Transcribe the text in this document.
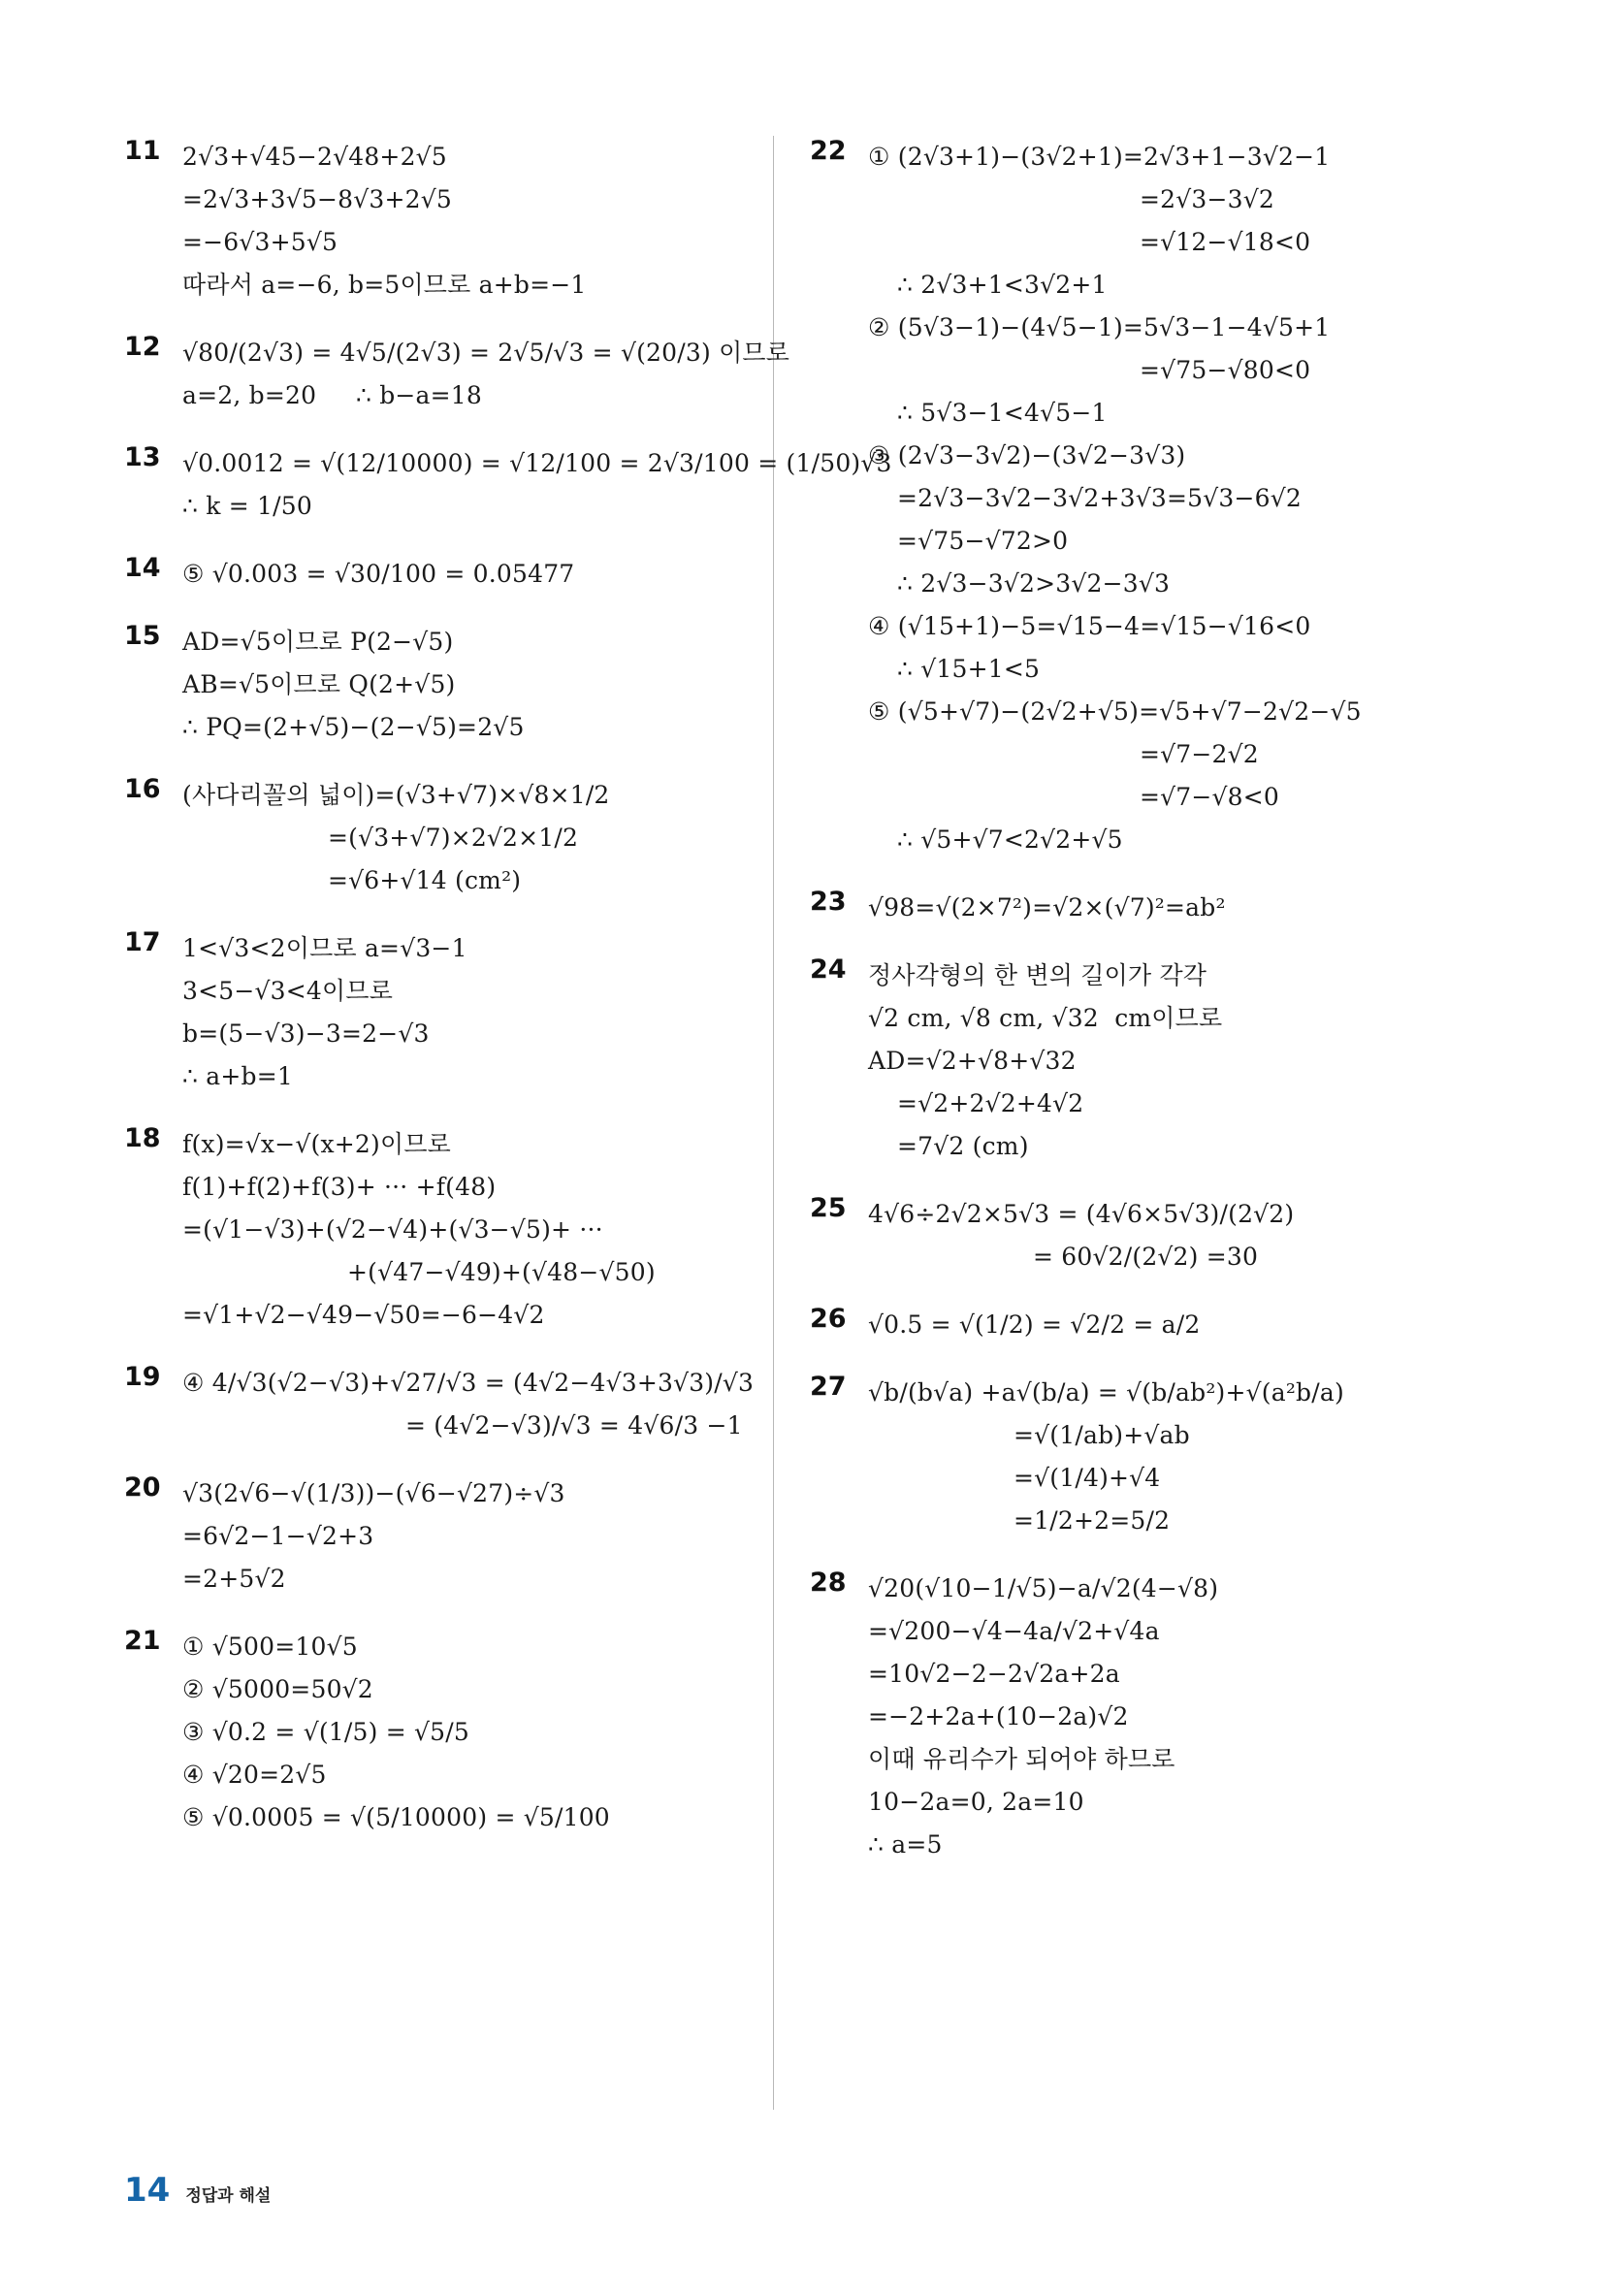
11 2√3+√45−2√48+2√5
=2√3+3√5−8√3+2√5
=−6√3+5√5
따라서 a=−6, b=5이므로 a+b=−1
12 √80/(2√3) = 4√5/(2√3) = 2√5/√3 = √(20/3) 이므로
a=2, b=20     ∴ b−a=18
13 √0.0012 = √(12/10000) = √12/100 = 2√3/100 = (1/50)√3
∴ k = 1/50
14 ⑤ √0.003 = √30/100 = 0.05477
15 AD=√5이므로 P(2−√5)
AB=√5이므로 Q(2+√5)
∴ PQ=(2+√5)−(2−√5)=2√5
16 (사다리꼴의 넓이)=(√3+√7)×√8×1/2
=(√3+√7)×2√2×1/2
=√6+√14 (cm²)
17 1<√3<2이므로 a=√3−1
3<5−√3<4이므로
b=(5−√3)−3=2−√3
∴ a+b=1
18 f(x)=√x−√(x+2)이므로
f(1)+f(2)+f(3)+ ··· +f(48)
=(√1−√3)+(√2−√4)+(√3−√5)+ ···
+(√47−√49)+(√48−√50)
=√1+√2−√49−√50=−6−4√2
19 ④ 4/√3(√2−√3)+√27/√3 = (4√2−4√3+3√3)/√3
= (4√2−√3)/√3 = 4√6/3 −1
20 √3(2√6−√(1/3))−(√6−√27)÷√3
=6√2−1−√2+3
=2+5√2
21 ① √500=10√5
② √5000=50√2
③ √0.2 = √(1/5) = √5/5
④ √20=2√5
⑤ √0.0005 = √(5/10000) = √5/100
22 ① (2√3+1)−(3√2+1)=2√3+1−3√2−1
=2√3−3√2
=√12−√18<0
∴ 2√3+1<3√2+1
② (5√3−1)−(4√5−1)=5√3−1−4√5+1
=√75−√80<0
∴ 5√3−1<4√5−1
③ (2√3−3√2)−(3√2−3√3)
=2√3−3√2−3√2+3√3=5√3−6√2
=√75−√72>0
∴ 2√3−3√2>3√2−3√3
④ (√15+1)−5=√15−4=√15−√16<0
∴ √15+1<5
⑤ (√5+√7)−(2√2+√5)=√5+√7−2√2−√5
=√7−2√2
=√7−√8<0
∴ √5+√7<2√2+√5
23 √98=√(2×7²)=√2×(√7)²=ab²
24 정사각형의 한 변의 길이가 각각
√2 cm, √8 cm, √32  cm이므로
AD=√2+√8+√32
=√2+2√2+4√2
=7√2 (cm)
25 4√6÷2√2×5√3 = (4√6×5√3)/(2√2)
= 60√2/(2√2) =30
26 √0.5 = √(1/2) = √2/2 = a/2
27 √b/(b√a) +a√(b/a) = √(b/ab²)+√(a²b/a)
=√(1/ab)+√ab
=√(1/4)+√4
=1/2+2=5/2
28 √20(√10−1/√5)−a/√2(4−√8)
=√200−√4−4a/√2+√4a
=10√2−2−2√2a+2a
=−2+2a+(10−2a)√2
이때 유리수가 되어야 하므로
10−2a=0, 2a=10
∴ a=5
14 정답과 해설
